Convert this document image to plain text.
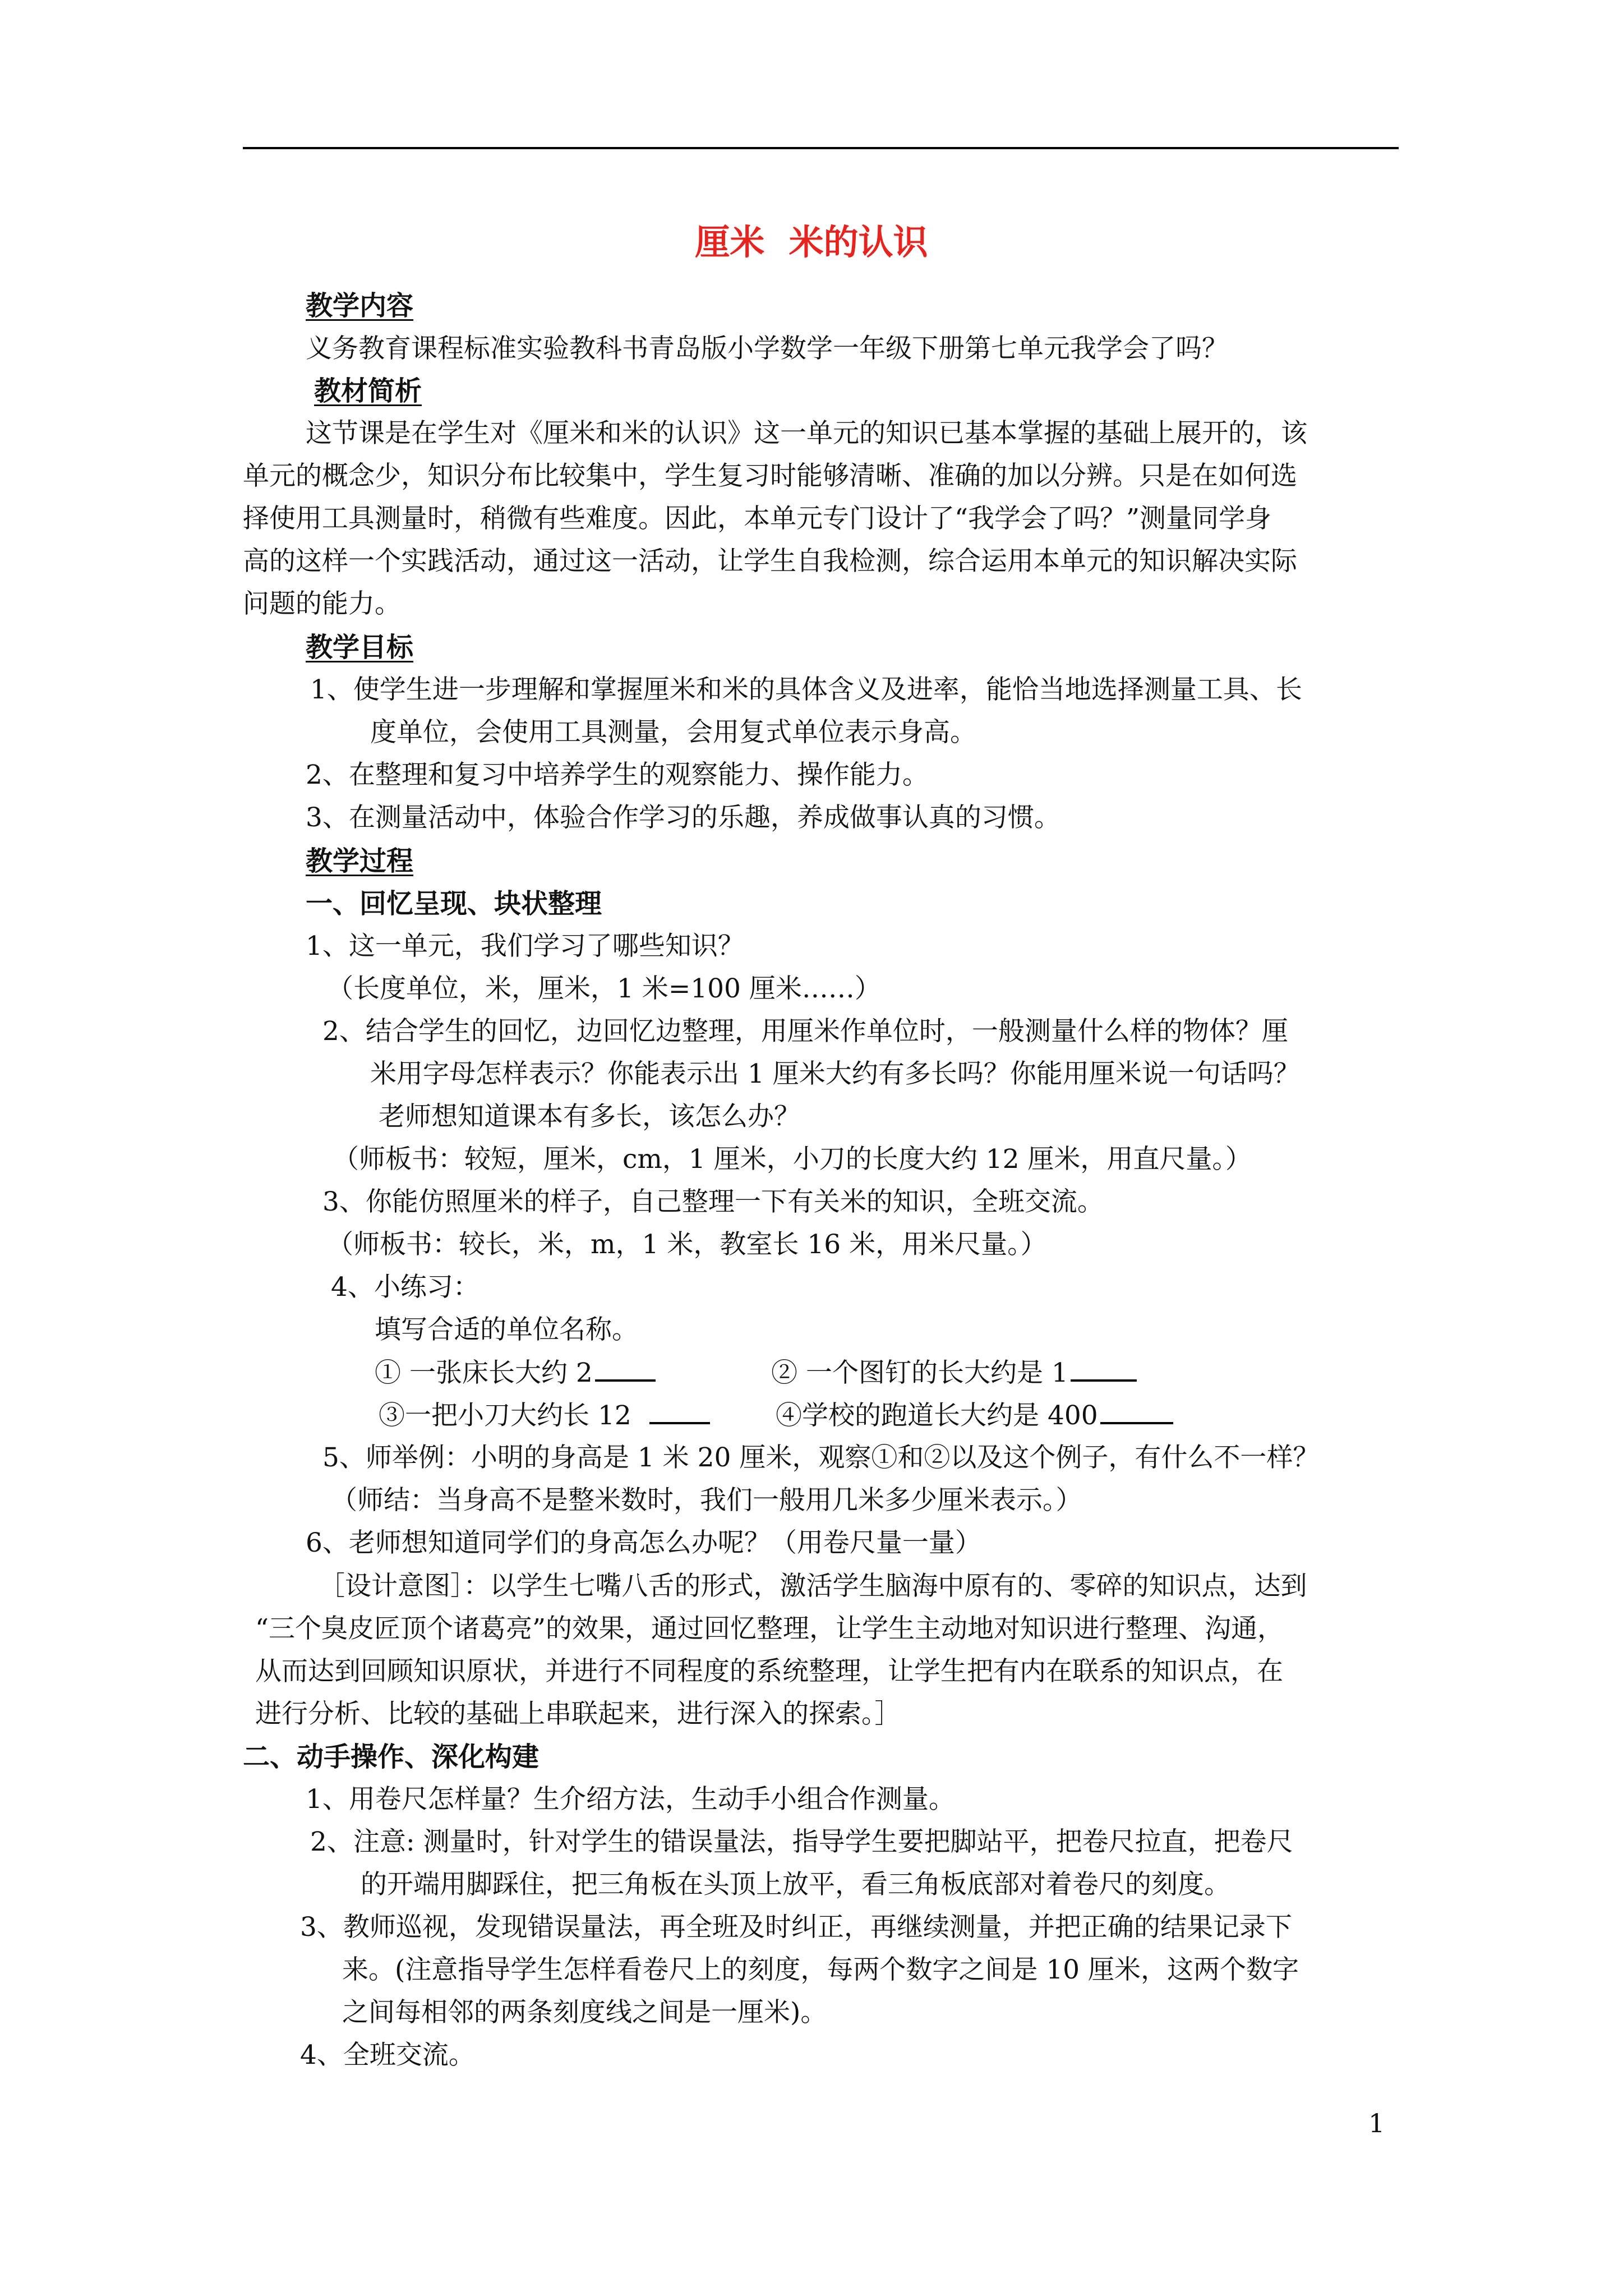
厘米  米的认识
教学内容
义务教育课程标准实验教科书青岛版小学数学一年级下册第七单元我学会了吗？
教材简析
这节课是在学生对《厘米和米的认识》这一单元的知识已基本掌握的基础上展开的，该
单元的概念少，知识分布比较集中，学生复习时能够清晰、准确的加以分辨。只是在如何选
择使用工具测量时，稍微有些难度。因此，本单元专门设计了“我学会了吗？”测量同学身
高的这样一个实践活动，通过这一活动，让学生自我检测，综合运用本单元的知识解决实际
问题的能力。
教学目标
1、使学生进一步理解和掌握厘米和米的具体含义及进率，能恰当地选择测量工具、长
度单位，会使用工具测量，会用复式单位表示身高。
2、在整理和复习中培养学生的观察能力、操作能力。
3、在测量活动中，体验合作学习的乐趣，养成做事认真的习惯。
教学过程
一、回忆呈现、块状整理
1、这一单元，我们学习了哪些知识？
（长度单位，米，厘米，1 米=100 厘米……）
2、结合学生的回忆，边回忆边整理，用厘米作单位时，一般测量什么样的物体？厘
米用字母怎样表示？你能表示出 1 厘米大约有多长吗？你能用厘米说一句话吗？
老师想知道课本有多长，该怎么办？
（师板书：较短，厘米，cm，1 厘米，小刀的长度大约 12 厘米，用直尺量。）
3、你能仿照厘米的样子，自己整理一下有关米的知识，全班交流。
（师板书：较长，米，m，1 米，教室长 16 米，用米尺量。）
4、小练习：
填写合适的单位名称。
① 一张床长大约 2	② 一个图钉的长大约是 1
③一把小刀大约长 12	④学校的跑道长大约是 400
5、师举例：小明的身高是 1 米 20 厘米，观察①和②以及这个例子，有什么不一样？
（师结：当身高不是整米数时，我们一般用几米多少厘米表示。）
6、老师想知道同学们的身高怎么办呢？（用卷尺量一量）
［设计意图］：以学生七嘴八舌的形式，激活学生脑海中原有的、零碎的知识点，达到
“三个臭皮匠顶个诸葛亮”的效果，通过回忆整理，让学生主动地对知识进行整理、沟通，
从而达到回顾知识原状，并进行不同程度的系统整理，让学生把有内在联系的知识点，在
进行分析、比较的基础上串联起来，进行深入的探索。］
二、动手操作、深化构建
1、用卷尺怎样量？生介绍方法，生动手小组合作测量。
2、注意: 测量时，针对学生的错误量法，指导学生要把脚站平，把卷尺拉直，把卷尺
的开端用脚踩住，把三角板在头顶上放平，看三角板底部对着卷尺的刻度。
3、教师巡视，发现错误量法，再全班及时纠正，再继续测量，并把正确的结果记录下
来。(注意指导学生怎样看卷尺上的刻度，每两个数字之间是 10 厘米，这两个数字
之间每相邻的两条刻度线之间是一厘米)。
4、全班交流。
1
